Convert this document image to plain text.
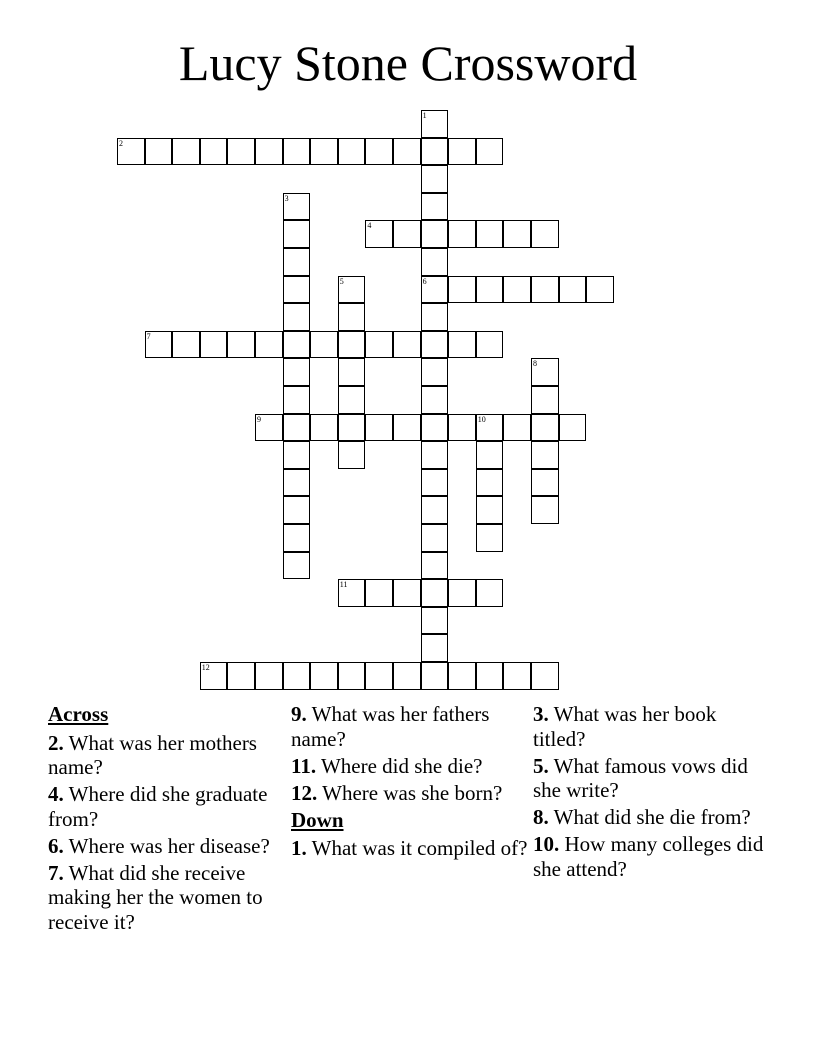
Lucy Stone Crossword
1
6
2
3
4
5
7
8
9	10
11
12
Across
2. What was her mothers name?
4. Where did she graduate from?
6. Where was her disease?
7. What did she receive making her the women to receive it?
9. What was her fathers name?
11. Where did she die?
12. Where was she born?
Down
1. What was it compiled of?
3. What was her book titled?
5. What famous vows did she write?
8. What did she die from?
10. How many colleges did she attend?
